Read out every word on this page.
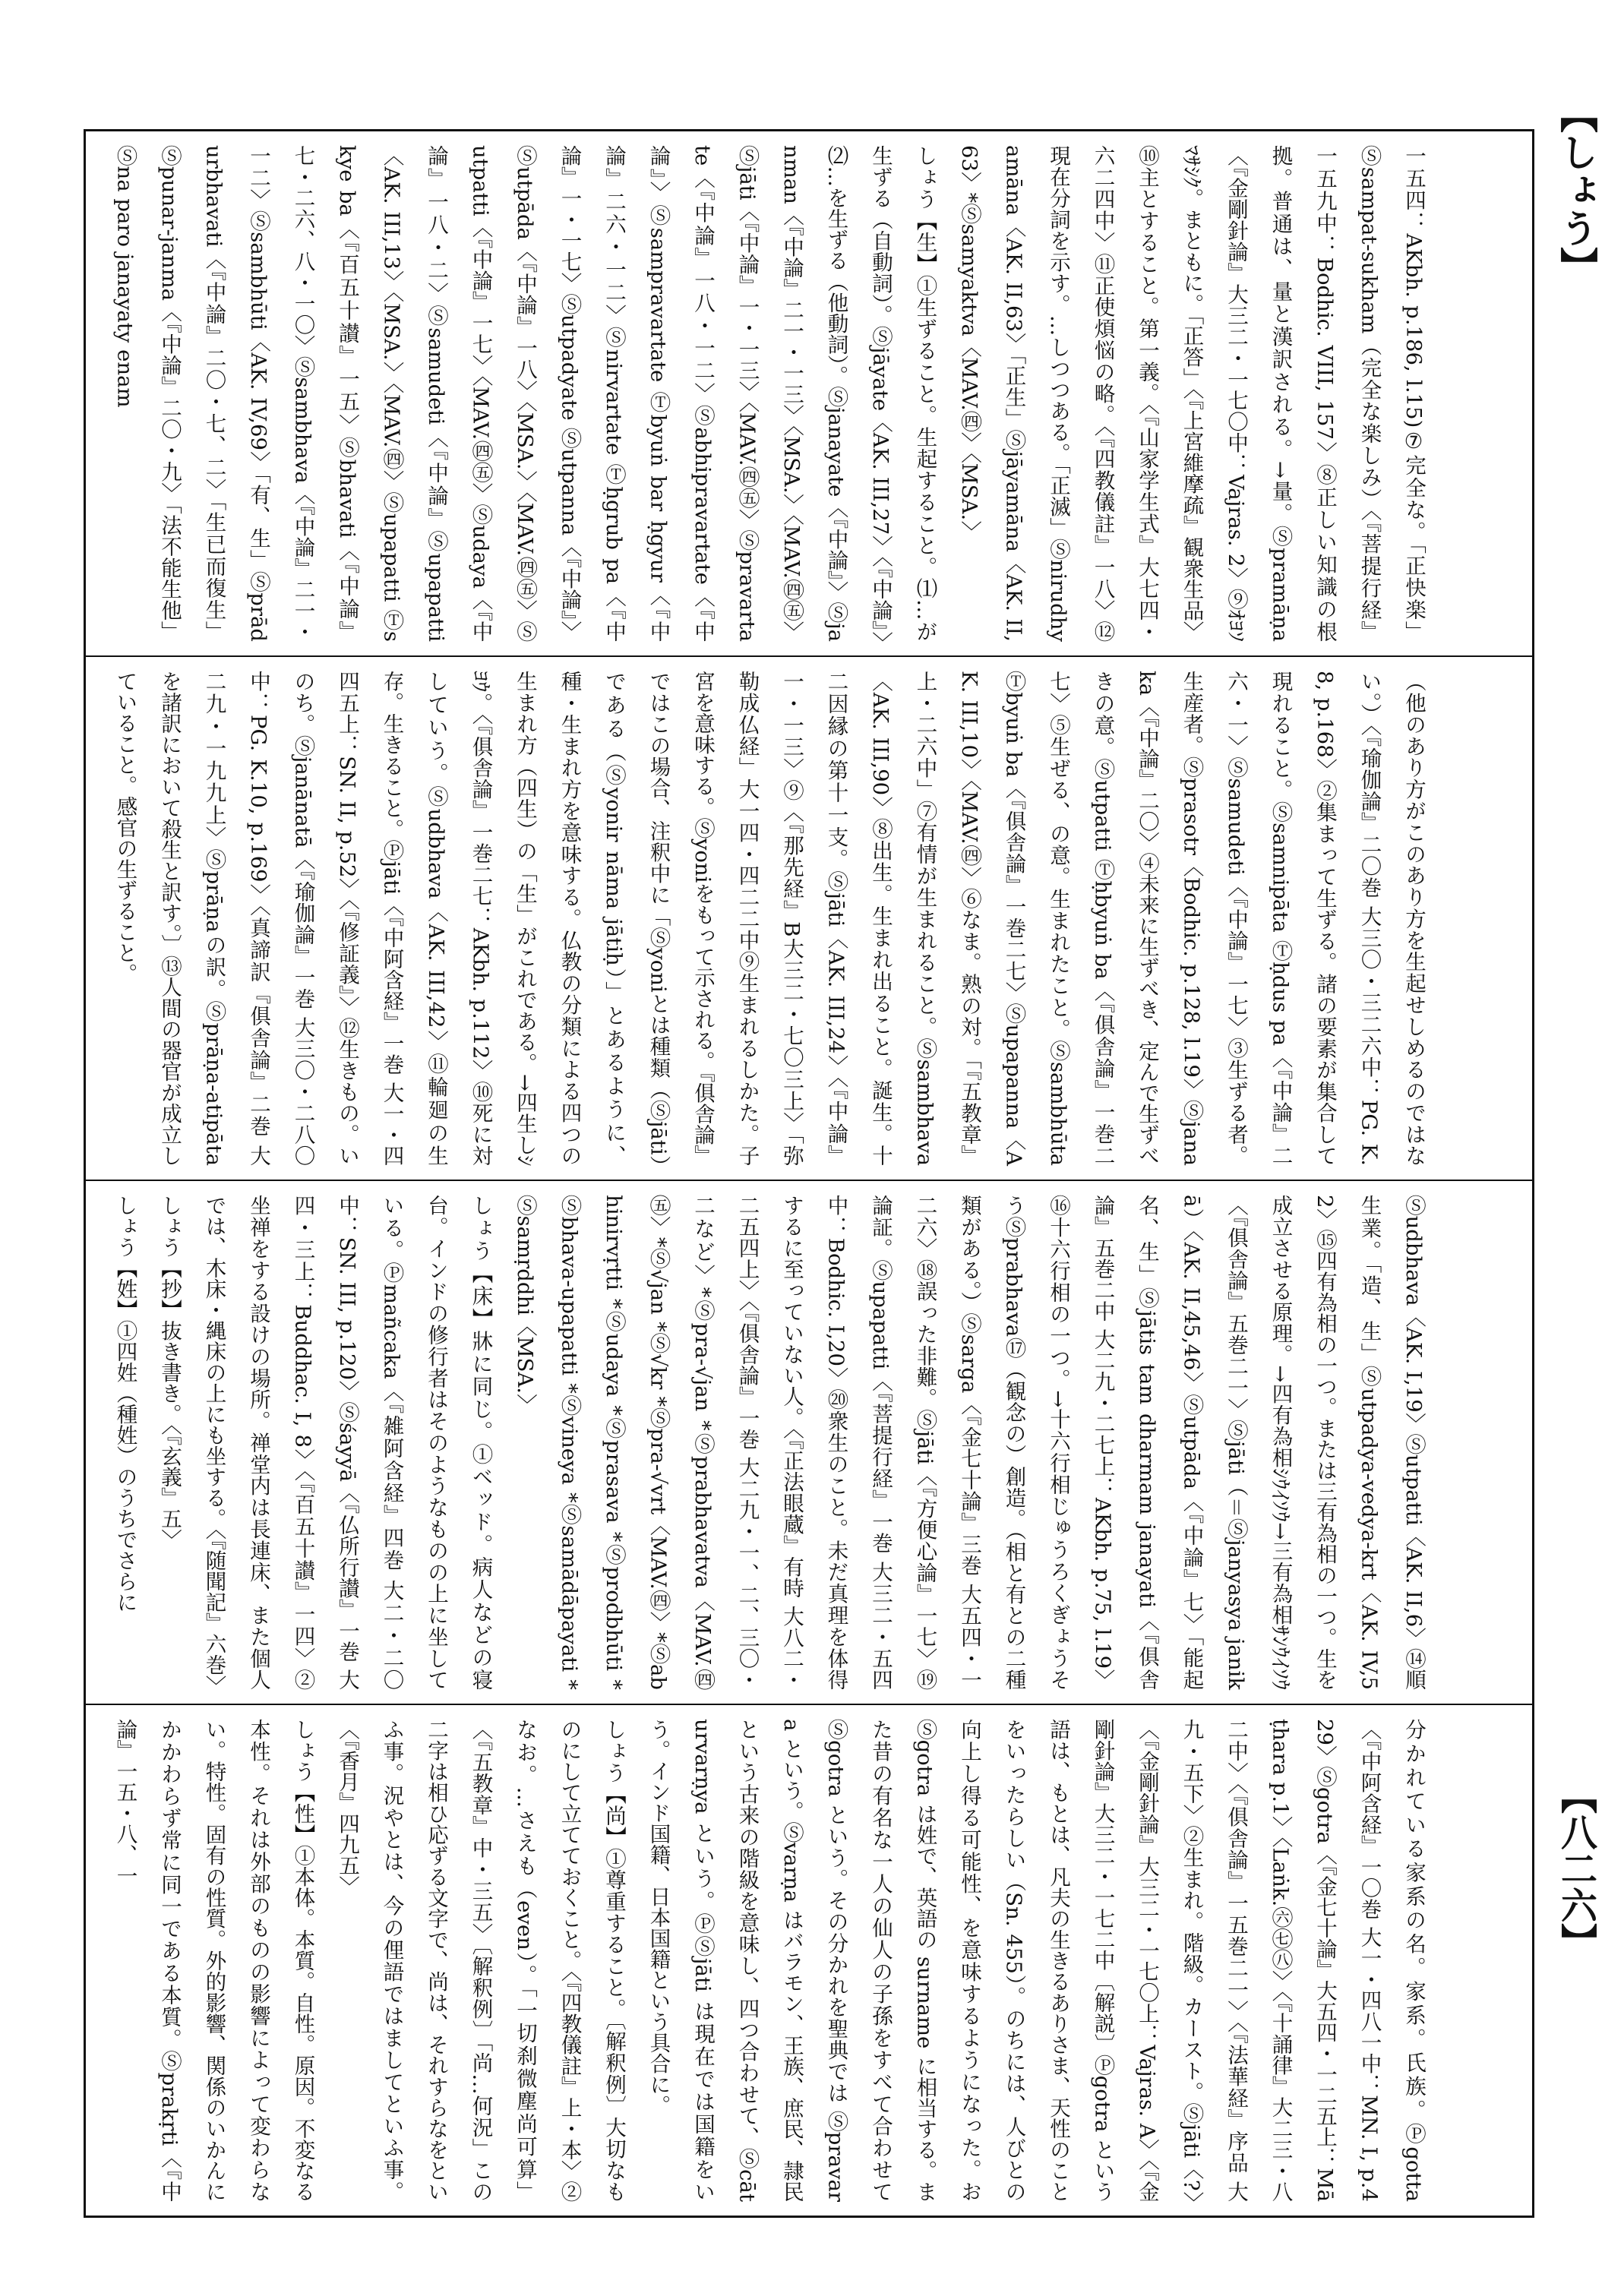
【しょう】
【八二六】

一五四：AKbh. p.186, l.15)⑦完全な。「正快楽」Ⓢsampat-sukham（完全な楽しみ）〈『菩提行経』一五九中：Bodhic. VIII, 157〉⑧正しい知識の根拠。普通は、量と漢訳される。→量。Ⓢpramāṇa〈『金剛針論』大三二・一七〇中：Vajras. 2〉⑨ｵﾖｿﾏｻｼｸ。まともに。「正答」〈『上宮維摩疏』観衆生品〉⑩主とすること。第一義。〈『山家学生式』大七四・六二四中〉⑪正使煩悩の略。〈『四教儀註』一八〉⑫現在分詞を示す。…しつつある。「正滅」Ⓢnirudhyamāna〈AK. II,63〉「正生」Ⓢjāyamāna〈AK. II,63〉*Ⓢsamyaktva〈MAV.㊃〉〈MSA.〉

しょう【生】①生ずること。生起すること。⑴…が生ずる（自動詞）。Ⓢjāyate〈AK. III,27〉〈『中論』〉⑵…を生ずる（他動詞）。Ⓢjanayate〈『中論』〉Ⓢjanman〈『中論』二一・一三〉〈MSA.〉〈MAV.㊃㊄〉Ⓢjāti〈『中論』一・一三〉〈MAV.㊃㊄〉Ⓢpravartate〈『中論』一八・一二〉Ⓢabhipravartate〈『中論』〉Ⓢsampravartate Ⓣbyuṅ bar ḥgyur〈『中論』二六・一二〉Ⓢnirvartate Ⓣḥgrub pa〈『中論』一・一七〉Ⓢutpadyate Ⓢutpanna〈『中論』〉Ⓢutpāda〈『中論』一八〉〈MSA.〉〈MAV.㊃㊄〉Ⓢutpatti〈『中論』一七〉〈MAV.㊃㊄〉Ⓢudaya〈『中論』一八・二〉Ⓢsamudeti〈『中論』Ⓢupapatti〈AK. III,13〉〈MSA.〉〈MAV.㊃〉Ⓢupapatti Ⓣskye ba〈『百五十讃』一五〉Ⓢbhavati〈『中論』七・二六、八・一〇〉Ⓢsambhava〈『中論』二一・一二〉Ⓢsambhūti〈AK. IV,69〉「有、生」Ⓢprādurbhavati〈『中論』二〇・七、二〉「生已而復生」Ⓢpunar-janma〈『中論』二〇・九〉「法不能生他」Ⓢna paro janayaty enam

（他のあり方がこのあり方を生起せしめるのではない。）〈『瑜伽論』二〇巻 大三〇・三二六中：PG. K.8, p.168〉②集まって生ずる。諸の要素が集合して現れること。Ⓢsamnipāta Ⓣḥdus pa〈『中論』二六・一〉Ⓢsamudeti〈『中論』一七〉③生ずる者。生産者。Ⓢprasotr〈Bodhic. p.128, l.19〉Ⓢjanaka〈『中論』二〇〉④未来に生ずべき、定んで生ずべきの意。Ⓢutpatti Ⓣḥbyuṅ ba〈『俱舎論』一巻二七〉⑤生ぜる、の意。生まれたこと。Ⓢsambhūta Ⓣbyuṅ ba〈『俱舎論』一巻二七〉Ⓢupapanna〈AK. III,10〉〈MAV.㊃〉⑥なま。熟の対。「『五教章』上・二六中」⑦有情が生まれること。Ⓢsambhava〈AK. III,90〉⑧出生。生まれ出ること。誕生。十二因縁の第十一支。Ⓢjāti〈AK. III,24〉〈『中論』一・一三〉⑨〈『那先経』B大三二・七〇三上〉「弥勒成仏経」大一四・四二二中⑨生まれるしかた。子宮を意味する。Ⓢyoniをもって示される。『俱舎論』ではこの場合、注釈中に「Ⓢyoniとは種類（Ⓢjāti）である（Ⓢyonir nāma jātiḥ）」とあるように、種・生まれ方を意味する。仏教の分類による四つの生まれ方（四生）の「生」がこれである。→四生しｼﾖｳ。〈『俱舎論』一巻二七：AKbh. p.112〉⑩死に対していう。Ⓢudbhava〈AK. III,42〉⑪輪廻の生存。生きること。Ⓟjāti〈『中阿含経』一巻 大一・四四五上：SN. II, p.52〉〈『修証義』〉⑫生きもの。いのち。Ⓢjanānatā〈『瑜伽論』一巻 大三〇・二八〇中：PG. K.10, p.169〉〈真諦訳『俱舎論』二巻 大二九・一九九上〉Ⓢprāṇaの訳。Ⓢprāṇa-atipātaを諸訳において殺生と訳す。〕⑬人間の器官が成立していること。感官の生ずること。

Ⓢudbhava〈AK. I,19〉Ⓢutpatti〈AK. II,6〉⑭順生業。「造、生」Ⓢutpadya-vedya-krt〈AK. IV,52〉⑮四有為相の一つ。または三有為相の一つ。生を成立させる原理。→四有為相ｼｳｲｿｳ→三有為相ｻﾝｳｲｿｳ〈『俱舎論』五巻二一〉Ⓢjāti（＝Ⓢjanyasya janikā）〈AK. II,45,46〉Ⓢutpāda〈『中論』七〉「能起名、生」Ⓢjātis tam dharmam janayati〈『俱舎論』五巻二中 大二九・二七上：AKbh. p.75, l.19〉⑯十六行相の一つ。→十六行相じゅうろくぎょうそうⓈprabhava⑰（観念の）創造。（相と有との二種類がある。）Ⓢsarga〈『金七十論』三巻 大五四・一二六〉⑱誤った非難。Ⓢjāti〈『方便心論』一七〉⑲論証。Ⓢupapatti〈『菩提行経』一巻 大三二・五四中：Bodhic. I,20〉⑳衆生のこと。未だ真理を体得するに至っていない人。〈『正法眼蔵』有時 大八二・二五四上〉〈『俱舎論』一巻 大二九・一、二、三〇・二など〉*Ⓢpra-√jan *Ⓢprabhavatva〈MAV.㊃㊄〉*Ⓢ√jan *Ⓢ√kr *Ⓢpra-√vrt〈MAV.㊃〉*Ⓢabhinirvṛtti *Ⓢudaya *Ⓢprasava *Ⓢprodbhūti *Ⓢbhava-upapatti *Ⓢvineya *Ⓢsamādāpayati *Ⓢsamṛddhi〈MSA.〉

しょう【床】牀に同じ。①ベッド。病人などの寝台。インドの修行者はそのようなものの上に坐している。Ⓟmañcaka〈『雑阿含経』四巻 大二・二〇中：SN. III, p.120〉Ⓢśayyā〈『仏所行讃』一巻 大四・三上：Buddhac. I, 8〉〈『百五十讃』一四〉②坐禅をする設けの場所。禅堂内は長連床、また個人では、木床・縄床の上にも坐する。〈『随聞記』六巻〉

しょう【抄】抜き書き。〈『玄義』五〉

しょう【姓】①四姓（種姓）のうちでさらに

分かれている家系の名。家系。氏族。Ⓟgotta〈『中阿含経』一〇巻 大一・四八一中：MN. I, p.429〉Ⓢgotra〈『金七十論』大五四・一二五上：Māṭhara p.1〉〈Laṅk.㊅㊆㊇〉〈『十誦律』大二三・八二中〉〈『俱舎論』一五巻二一〉〈『法華経』序品 大九・五下〉②生まれ。階級。カースト。Ⓢjāti〈?〉〈『金剛針論』大三二・一七〇上：Vajras. A〉〈『金剛針論』大三二・一七二中〔解説〕Ⓟgotra という語は、もとは、凡夫の生きるありさま、天性のことをいったらしい（Sn. 455）。のちには、人びとの向上し得る可能性、を意味するようになった。お Ⓢgotra は姓で、英語の surname に相当する。また昔の有名な一人の仙人の子孫をすべて合わせて Ⓢgotra という。その分かれを聖典では Ⓢpravara という。Ⓢvarṇa はバラモン、王族、庶民、隷民という古来の階級を意味し、四つ合わせて、Ⓢcāturvarṇya という。ⓅⓈjāti は現在では国籍をいう。インド国籍、日本国籍という具合に。

しょう【尚】①尊重すること。〔解釈例〕大切なものにして立てておくこと。〈『四教儀註』上・本〉②なお。…さえも（even）。「一切刹微塵尚可算」〈『五教章』中・三五〉〔解釈例〕「尚…何況」この二字は相ひ応ずる文字で、尚は、それすらなをといふ事。況やとは、今の俚語ではましてといふ事。〈『香月』四九五〉

しょう【性】①本体。本質。自性。原因。不変なる本性。それは外部のものの影響によって変わらない。特性。固有の性質。外的影響、関係のいかんにかかわらず常に同一である本質。Ⓢprakṛti〈『中論』一五・八、一
